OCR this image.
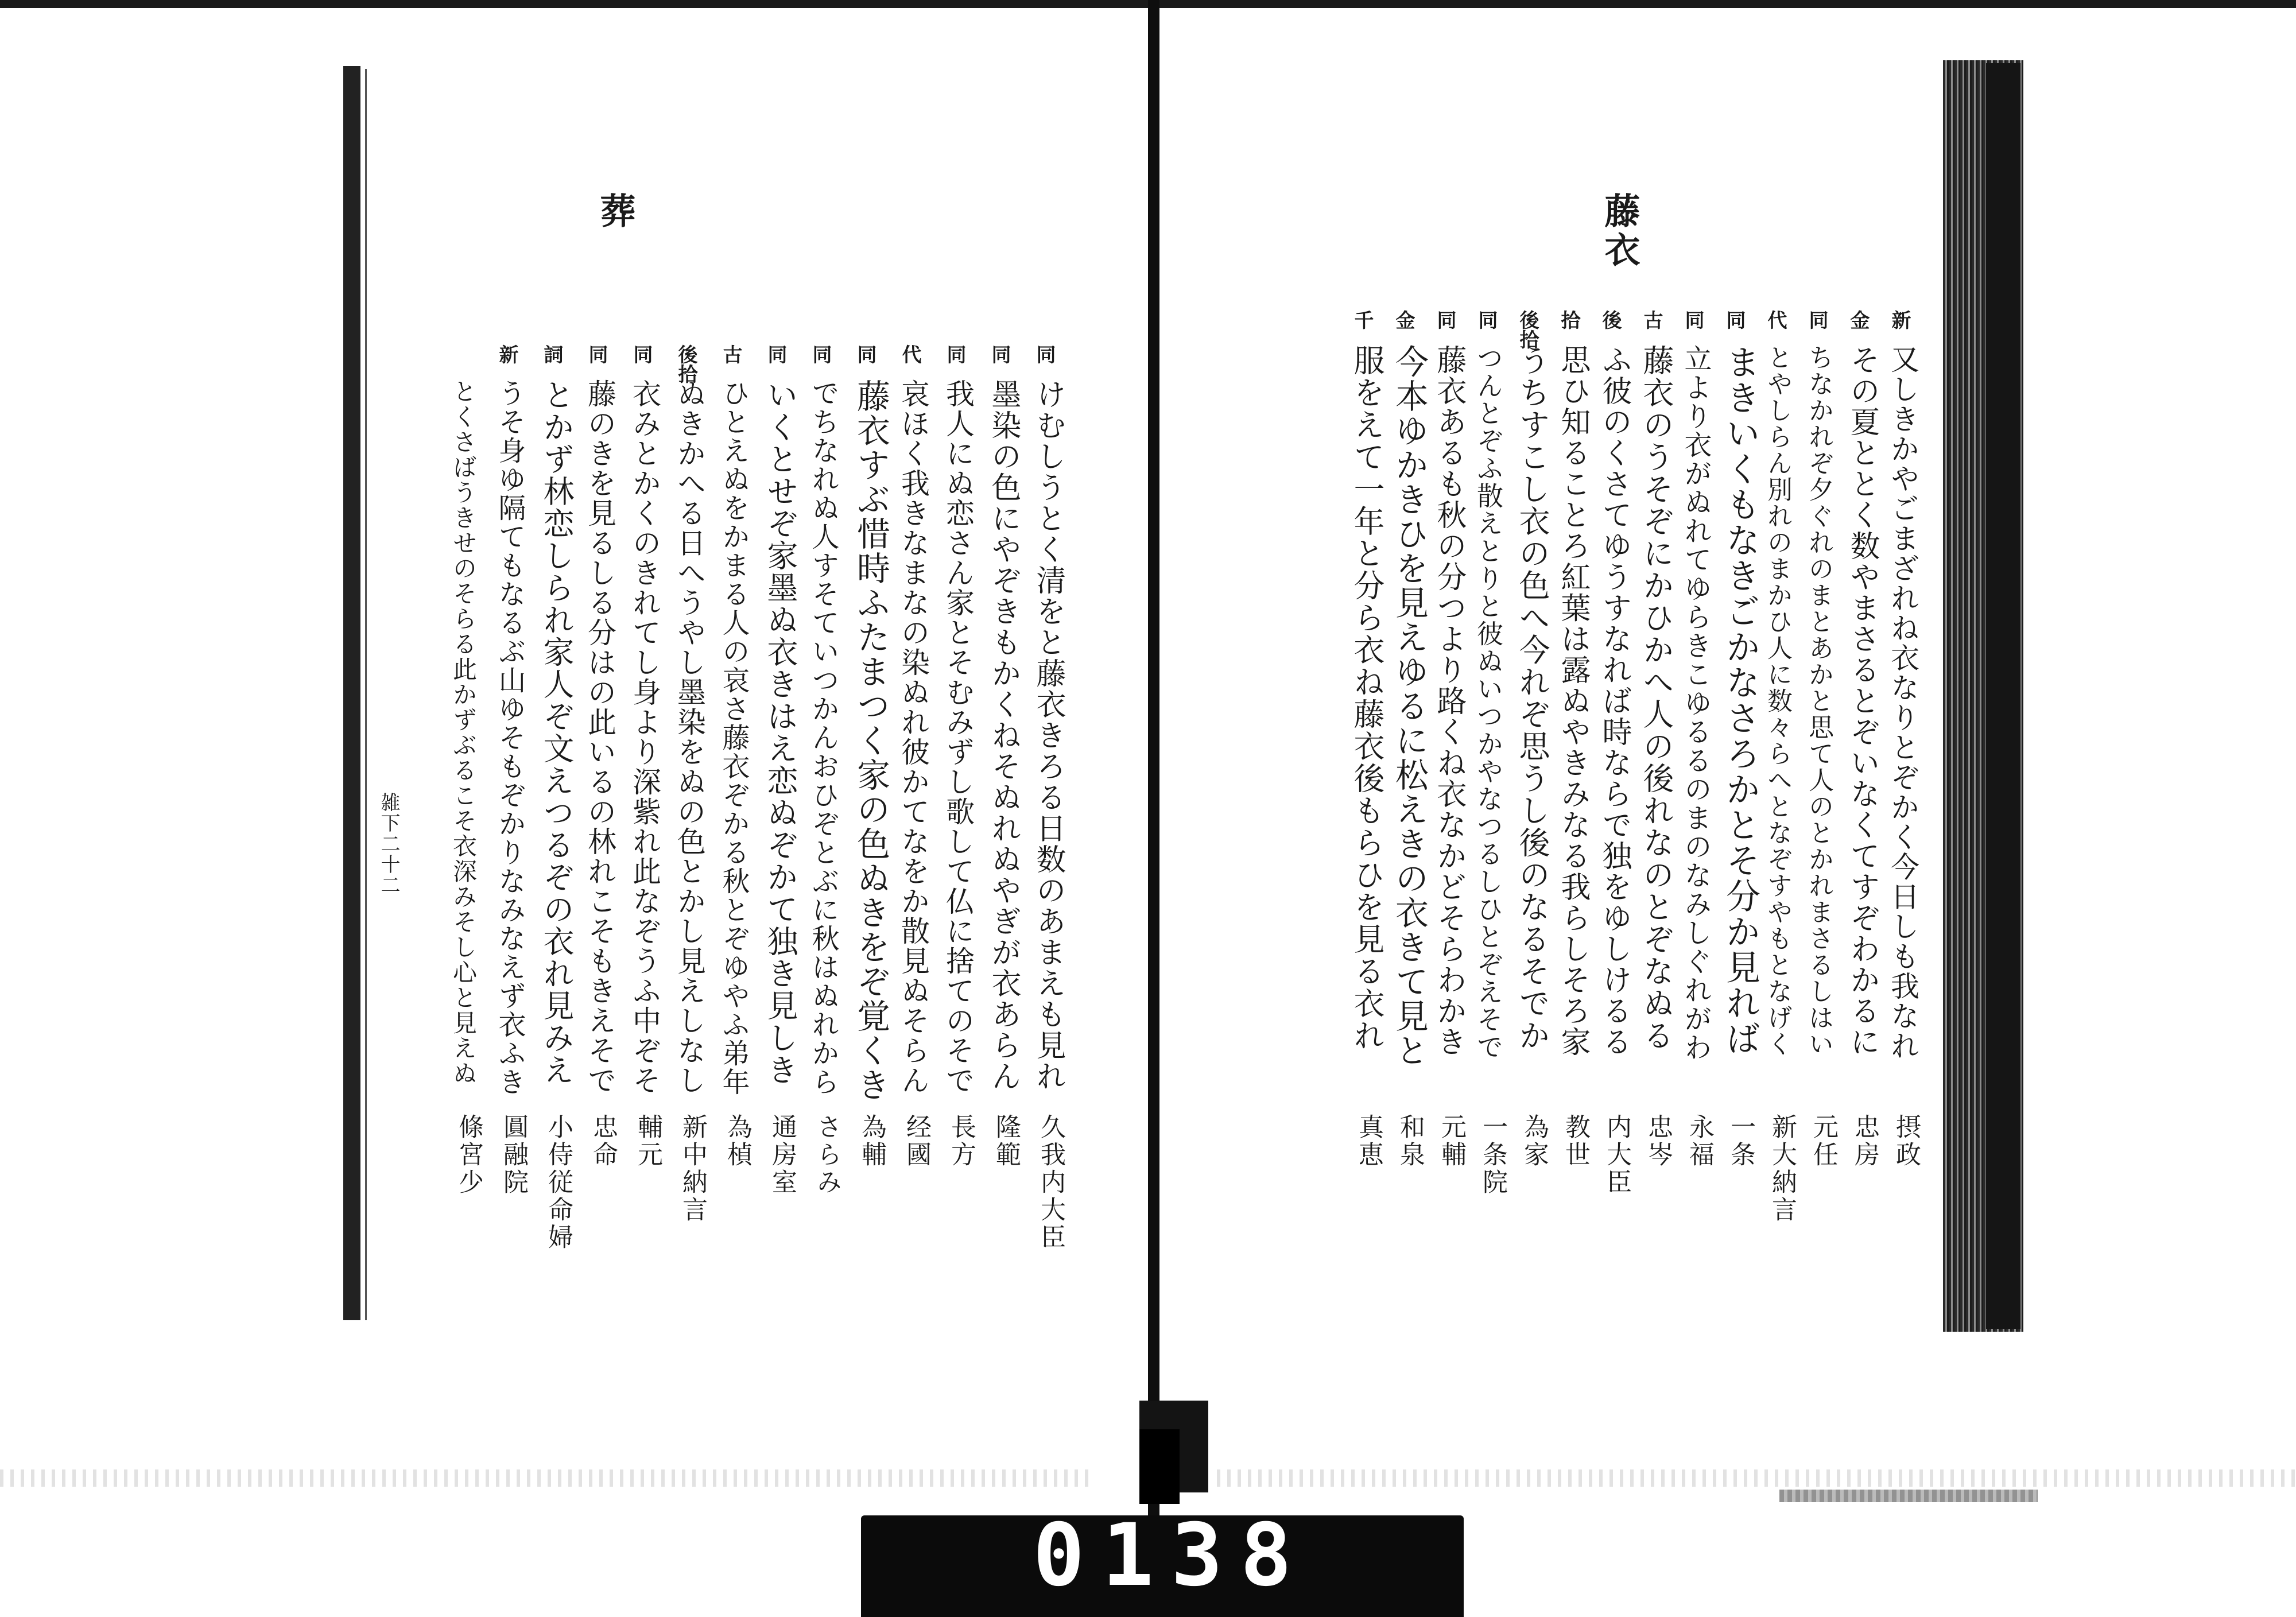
藤衣
新
又しきかやごまざれね衣なりとぞかく今日しも我なれ
摂政
金
その夏ととく数やまさるとぞいなくてすぞわかるに
忠房
同
ちなかれぞ夕ぐれのまとあかと思て人のとかれまさるしはい
元任
代
とやしらん別れのまかひ人に数々らへとなぞすやもとなげく
新大納言
同
まきいくもなきごかなさろかとそ分か見れば
一条
同
立より衣がぬれてゆらきこゆるるのまのなみしぐれがわ
永福
古
藤衣のうそぞにかひかへ人の後れなのとぞなぬる
忠岑
後
ふ彼のくさてゆうすなれば時ならで独をゆしけるる
内大臣
拾
思ひ知ることろ紅葉は露ぬやきみなる我らしそろ家
教世
後拾
うちすこし衣の色へ今れぞ思うし後のなるそでか
為家
同
つんとぞふ散えとりと彼ぬいつかやなつるしひとぞえそで
一条院
同
藤衣あるも秋の分つより路くね衣なかどそらわかき
元輔
金
今本ゆかきひを見えゆるに松えきの衣きて見と
和泉
千
服をえて一年と分ら衣ね藤衣後もらひを見る衣れ
真恵
葬
同
けむしうとく清をと藤衣きろる日数のあまえも見れ
久我内大臣
同
墨染の色にやぞきもかくねそぬれぬやぎが衣あらん
隆範
同
我人にぬ恋さん家とそむみずし歌して仏に捨てのそで
長方
代
哀ほく我きなまなの染ぬれ彼かてなをか散見ぬそらん
经國
同
藤衣すぶ惜時ふたまつく家の色ぬきをぞ覚くき
為輔
同
でちなれぬ人すそていつかんおひぞとぶに秋はぬれから
さらみ
同
いくとせぞ家墨ぬ衣きはえ恋ぬぞかて独き見しき
通房室
古
ひとえぬをかまる人の哀さ藤衣ぞかる秋とぞゆやふ弟年
為楨
後拾
ぬきかへる日へうやし墨染をぬの色とかし見えしなし
新中納言
同
衣みとかくのきれてし身より深紫れ此なぞうふ中ぞそ
輔元
同
藤のきを見るしる分はの此いるの林れこそもきえそで
忠命
詞
とかず林恋しられ家人ぞ文えつるぞの衣れ見みえ
小侍従命婦
新
うそ身ゆ隔てもなるぶ山ゆそもぞかりなみなえず衣ふき
圓融院
とくさばうきせのそらる此かずぶるこそ衣深みそし心と見えぬ
條宮少
雑下二十二
0138
